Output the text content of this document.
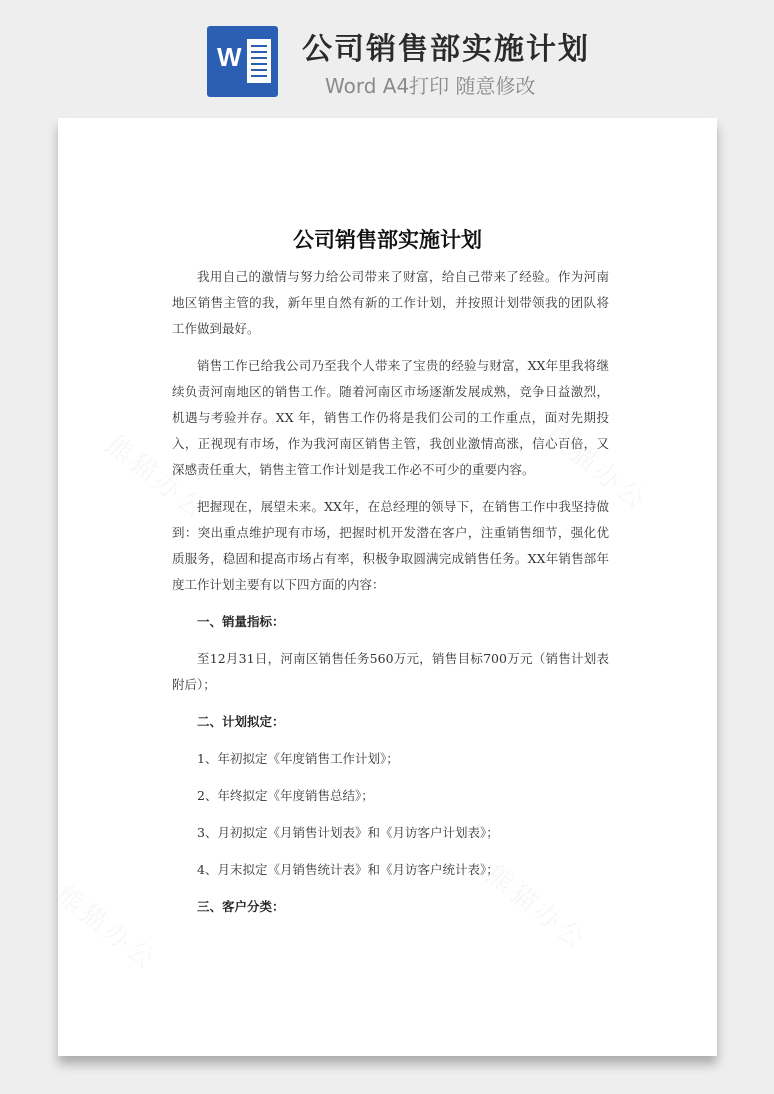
W 公司销售部实施计划
Word A4打印 随意修改
公司销售部实施计划

我用自己的激情与努力给公司带来了财富，给自己带来了经验。作为河南地区销售主管的我，新年里自然有新的工作计划，并按照计划带领我的团队将工作做到最好。

销售工作已给我公司乃至我个人带来了宝贵的经验与财富，XX年里我将继续负责河南地区的销售工作。随着河南区市场逐渐发展成熟，竞争日益激烈，机遇与考验并存。XX 年，销售工作仍将是我们公司的工作重点，面对先期投入，正视现有市场，作为我河南区销售主管，我创业激情高涨，信心百倍，又深感责任重大，销售主管工作计划是我工作必不可少的重要内容。

把握现在，展望未来。XX年，在总经理的领导下，在销售工作中我坚持做到：突出重点维护现有市场，把握时机开发潜在客户，注重销售细节，强化优质服务，稳固和提高市场占有率，积极争取圆满完成销售任务。XX年销售部年度工作计划主要有以下四方面的内容：

一、销量指标：

至12月31日，河南区销售任务560万元，销售目标700万元（销售计划表附后）；

二、计划拟定：

1、年初拟定《年度销售工作计划》；

2、年终拟定《年度销售总结》；

3、月初拟定《月销售计划表》和《月访客户计划表》；

4、月末拟定《月销售统计表》和《月访客户统计表》；

三、客户分类：
